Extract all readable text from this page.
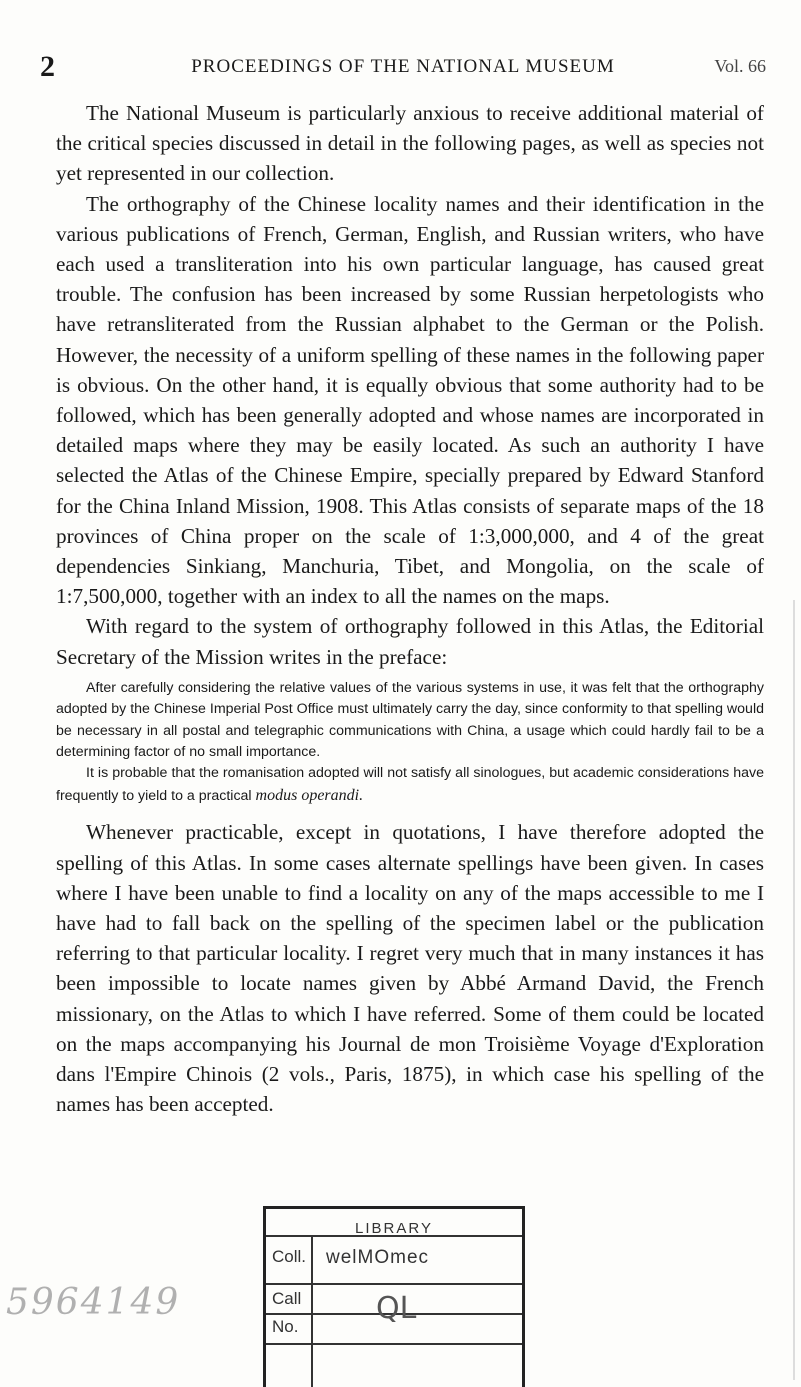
2	PROCEEDINGS OF THE NATIONAL MUSEUM	Vol. 66

The National Museum is particularly anxious to receive additional material of the critical species discussed in detail in the following pages, as well as species not yet represented in our collection.

The orthography of the Chinese locality names and their identification in the various publications of French, German, English, and Russian writers, who have each used a transliteration into his own particular language, has caused great trouble. The confusion has been increased by some Russian herpetologists who have retransliterated from the Russian alphabet to the German or the Polish. However, the necessity of a uniform spelling of these names in the following paper is obvious. On the other hand, it is equally obvious that some authority had to be followed, which has been generally adopted and whose names are incorporated in detailed maps where they may be easily located. As such an authority I have selected the Atlas of the Chinese Empire, specially prepared by Edward Stanford for the China Inland Mission, 1908. This Atlas consists of separate maps of the 18 provinces of China proper on the scale of 1:3,000,000, and 4 of the great dependencies Sinkiang, Manchuria, Tibet, and Mongolia, on the scale of 1:7,500,000, together with an index to all the names on the maps.

With regard to the system of orthography followed in this Atlas, the Editorial Secretary of the Mission writes in the preface:

After carefully considering the relative values of the various systems in use, it was felt that the orthography adopted by the Chinese Imperial Post Office must ultimately carry the day, since conformity to that spelling would be necessary in all postal and telegraphic communications with China, a usage which could hardly fail to be a determining factor of no small importance.

It is probable that the romanisation adopted will not satisfy all sinologues, but academic considerations have frequently to yield to a practical modus operandi.

Whenever practicable, except in quotations, I have therefore adopted the spelling of this Atlas. In some cases alternate spellings have been given. In cases where I have been unable to find a locality on any of the maps accessible to me I have had to fall back on the spelling of the specimen label or the publication referring to that particular locality. I regret very much that in many instances it has been impossible to locate names given by Abbé Armand David, the French missionary, on the Atlas to which I have referred. Some of them could be located on the maps accompanying his Journal de mon Troisième Voyage d'Exploration dans l'Empire Chinois (2 vols., Paris, 1875), in which case his spelling of the names has been accepted.

LIBRARY
Coll. welMOmec
Call
No.
QL
5964149
